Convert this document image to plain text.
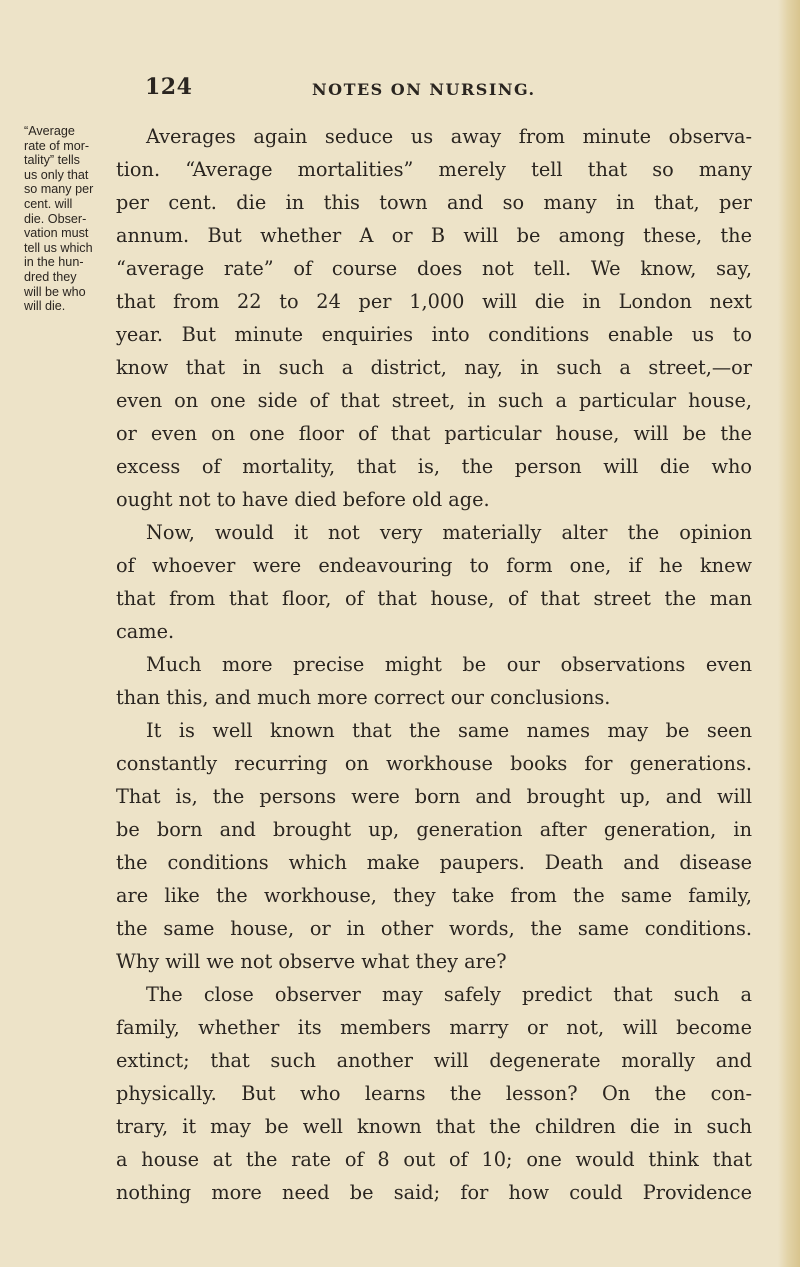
124	NOTES ON NURSING.
“Average
rate of mor-
tality” tells
us only that
so many per
cent. will
die. Obser-
vation must
tell us which
in the hun-
dred they
will be who
will die.
Averages again seduce us away from minute observa-
tion. “Average mortalities” merely tell that so many
per cent. die in this town and so many in that, per
annum. But whether A or B will be among these, the
“average rate” of course does not tell. We know, say,
that from 22 to 24 per 1,000 will die in London next
year. But minute enquiries into conditions enable us to
know that in such a district, nay, in such a street,—or
even on one side of that street, in such a particular house,
or even on one floor of that particular house, will be the
excess of mortality, that is, the person will die who
ought not to have died before old age.
Now, would it not very materially alter the opinion
of whoever were endeavouring to form one, if he knew
that from that floor, of that house, of that street the man
came.
Much more precise might be our observations even
than this, and much more correct our conclusions.
It is well known that the same names may be seen
constantly recurring on workhouse books for generations.
That is, the persons were born and brought up, and will
be born and brought up, generation after generation, in
the conditions which make paupers. Death and disease
are like the workhouse, they take from the same family,
the same house, or in other words, the same conditions.
Why will we not observe what they are?
The close observer may safely predict that such a
family, whether its members marry or not, will become
extinct; that such another will degenerate morally and
physically. But who learns the lesson? On the con-
trary, it may be well known that the children die in such
a house at the rate of 8 out of 10; one would think that
nothing more need be said; for how could Providence
